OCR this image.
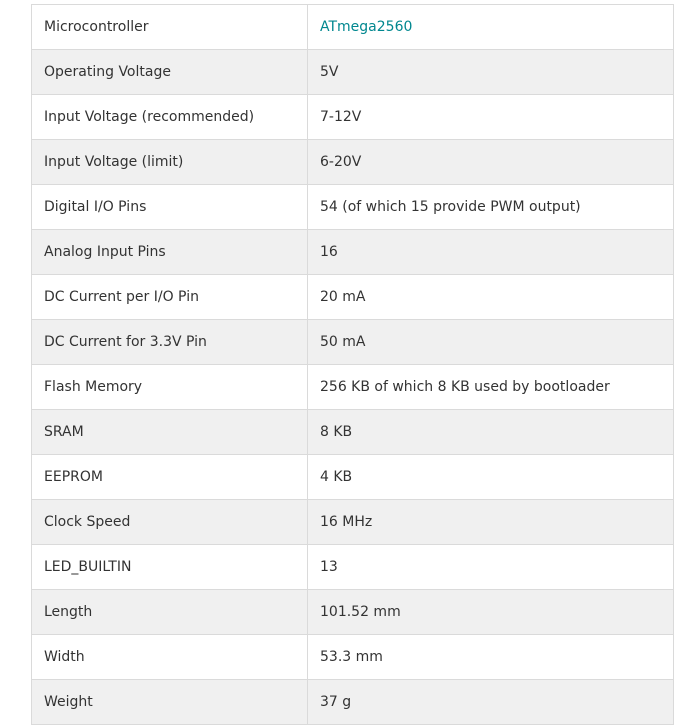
Microcontroller	ATmega2560
Operating Voltage	5V
Input Voltage (recommended)	7-12V
Input Voltage (limit)	6-20V
Digital I/O Pins	54 (of which 15 provide PWM output)
Analog Input Pins	16
DC Current per I/O Pin	20 mA
DC Current for 3.3V Pin	50 mA
Flash Memory	256 KB of which 8 KB used by bootloader
SRAM	8 KB
EEPROM	4 KB
Clock Speed	16 MHz
LED_BUILTIN	13
Length	101.52 mm
Width	53.3 mm
Weight	37 g
